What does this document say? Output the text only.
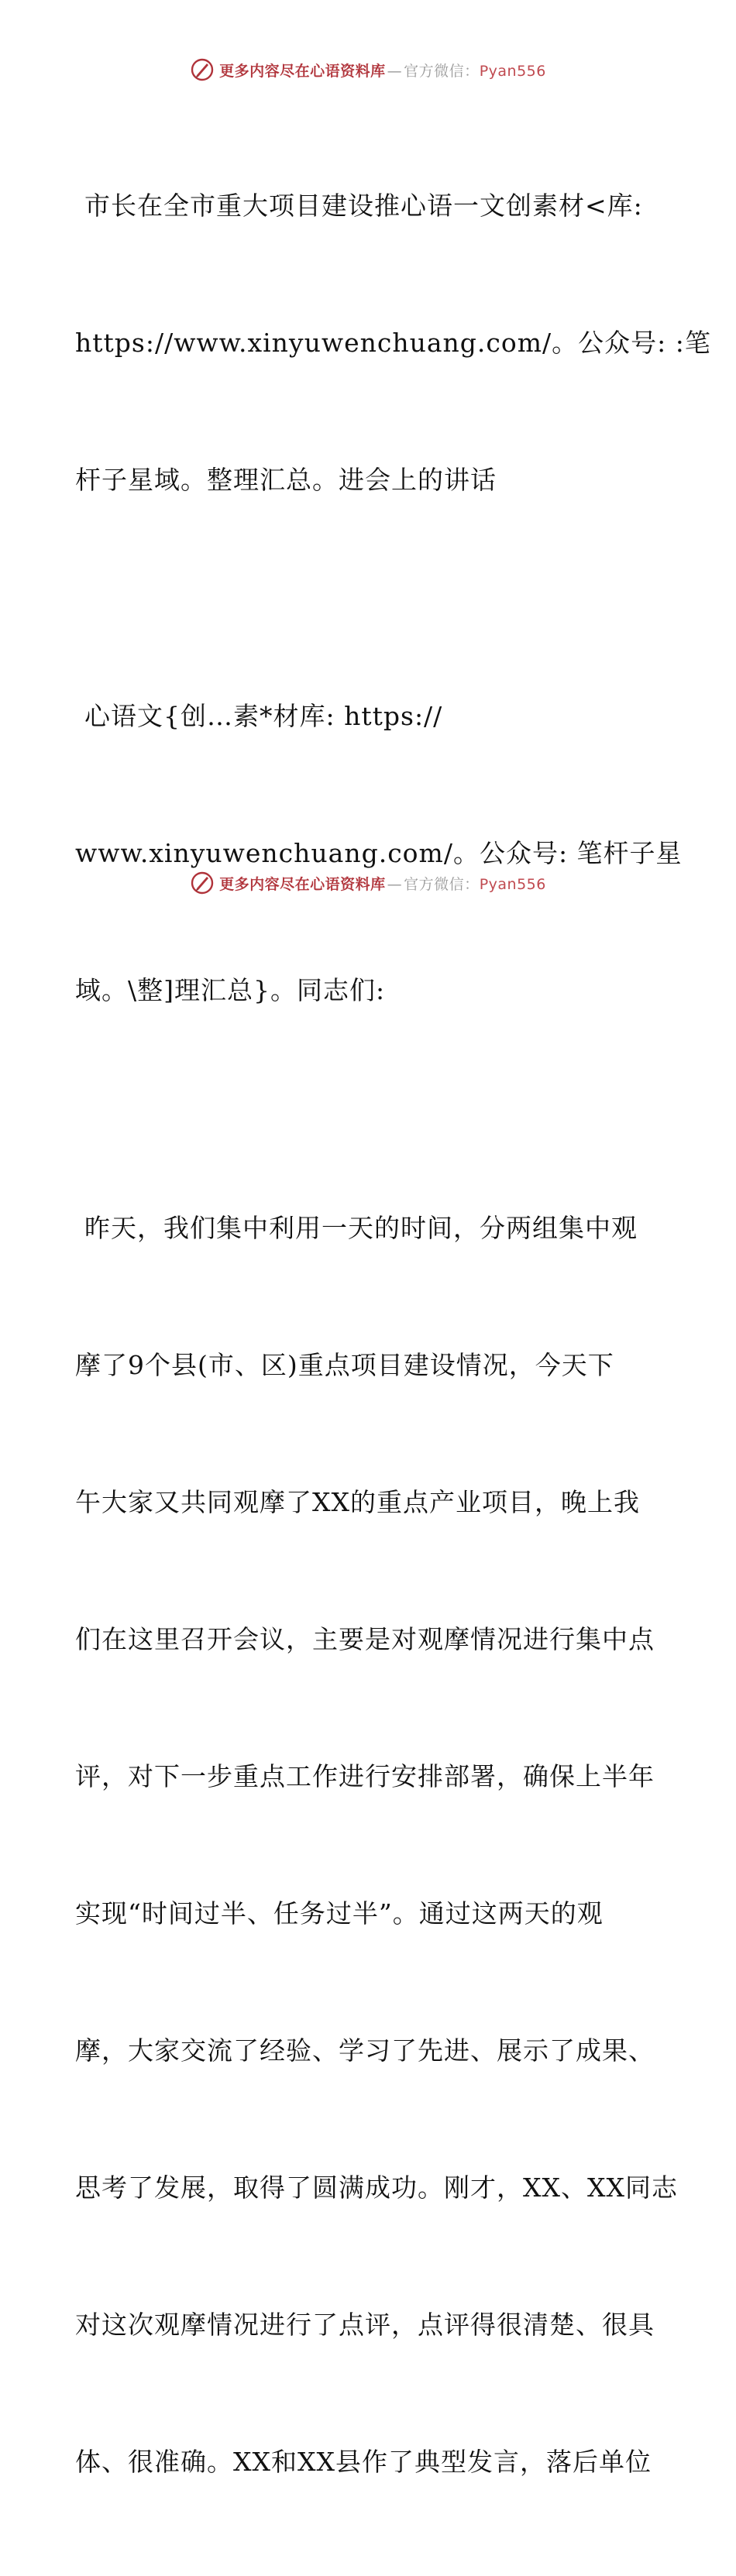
更多内容尽在心语资料库 — 官方微信：Pyan556

市长在全市重大项目建设推心语一文创素材<库:

https://www.xinyuwenchuang.com/。公众号: :笔

杆子星域。整理汇总。进会上的讲话

心语文{创…素*材库: https://

www.xinyuwenchuang.com/。公众号: 笔杆子星

域。\整]理汇总}。同志们:

昨天，我们集中利用一天的时间，分两组集中观

摩了9个县(市、区)重点项目建设情况，今天下

午大家又共同观摩了XX的重点产业项目，晚上我

们在这里召开会议，主要是对观摩情况进行集中点

评，对下一步重点工作进行安排部署，确保上半年

实现“时间过半、任务过半”。通过这两天的观

摩，大家交流了经验、学习了先进、展示了成果、

思考了发展，取得了圆满成功。刚才，XX、XX同志

对这次观摩情况进行了点评，点评得很清楚、很具

体、很准确。XX和XX县作了典型发言，落后单位

更多内容尽在心语资料库 — 官方微信：Pyan556
